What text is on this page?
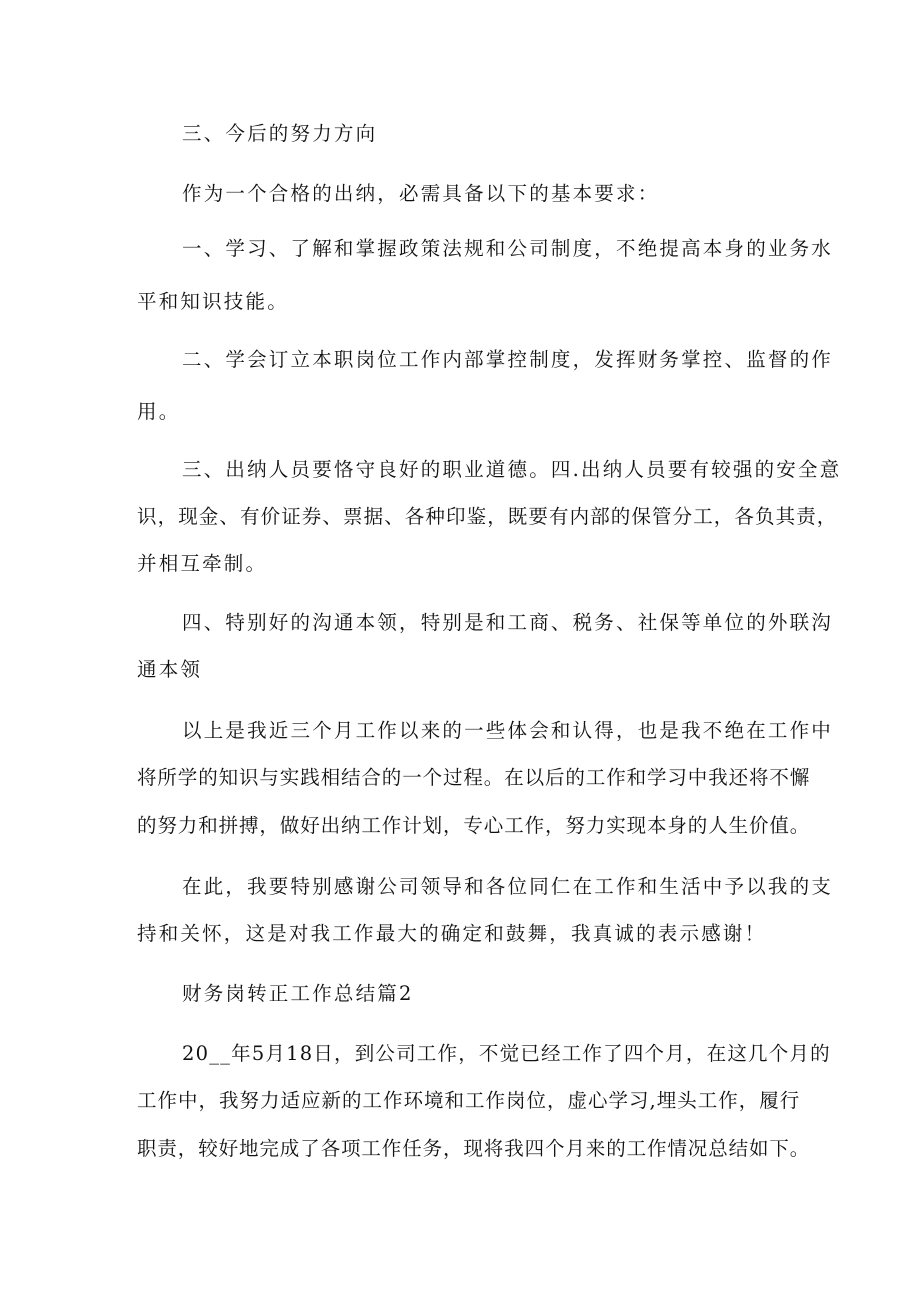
三、今后的努力方向
作为一个合格的出纳，必需具备以下的基本要求：
一、学习、了解和掌握政策法规和公司制度，不绝提高本身的业务水
平和知识技能。
二、学会订立本职岗位工作内部掌控制度，发挥财务掌控、监督的作
用。
三、出纳人员要恪守良好的职业道德。四.出纳人员要有较强的安全意
识，现金、有价证券、票据、各种印鉴，既要有内部的保管分工，各负其责，
并相互牵制。
四、特别好的沟通本领，特别是和工商、税务、社保等单位的外联沟
通本领
以上是我近三个月工作以来的一些体会和认得，也是我不绝在工作中
将所学的知识与实践相结合的一个过程。在以后的工作和学习中我还将不懈
的努力和拼搏，做好出纳工作计划，专心工作，努力实现本身的人生价值。
在此，我要特别感谢公司领导和各位同仁在工作和生活中予以我的支
持和关怀，这是对我工作最大的确定和鼓舞，我真诚的表示感谢！
财务岗转正工作总结篇2
20__年5月18日，到公司工作，不觉已经工作了四个月，在这几个月的
工作中，我努力适应新的工作环境和工作岗位，虚心学习,埋头工作，履行
职责，较好地完成了各项工作任务，现将我四个月来的工作情况总结如下。
